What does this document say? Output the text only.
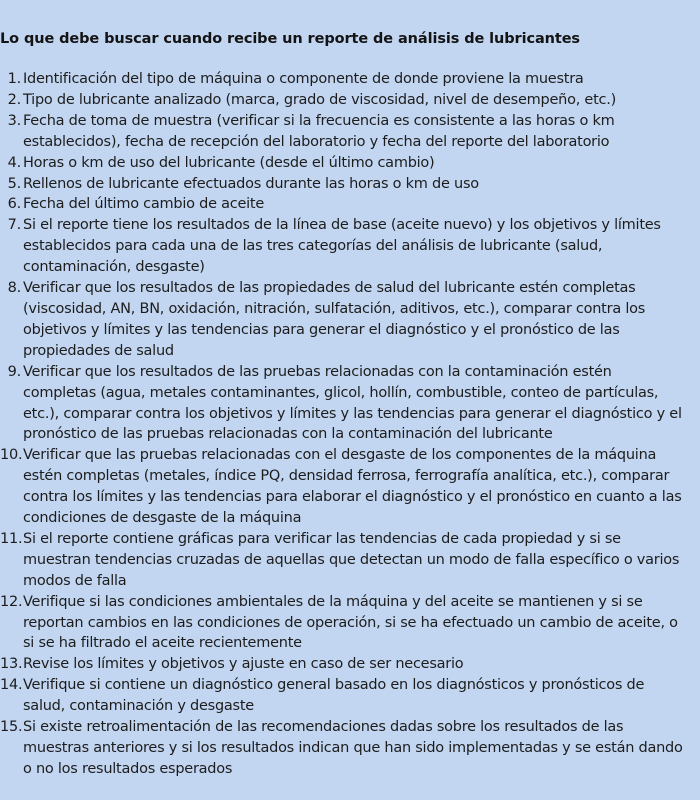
Lo que debe buscar cuando recibe un reporte de análisis de lubricantes
1. Identificación del tipo de máquina o componente de donde proviene la muestra
2. Tipo de lubricante analizado (marca, grado de viscosidad, nivel de desempeño, etc.)
3. Fecha de toma de muestra (verificar si la frecuencia es consistente a las horas o km
establecidos), fecha de recepción del laboratorio y fecha del reporte del laboratorio
4. Horas o km de uso del lubricante (desde el último cambio)
5. Rellenos de lubricante efectuados durante las horas o km de uso
6. Fecha del último cambio de aceite
7. Si el reporte tiene los resultados de la línea de base (aceite nuevo) y los objetivos y límites
establecidos para cada una de las tres categorías del análisis de lubricante (salud,
contaminación, desgaste)
8. Verificar que los resultados de las propiedades de salud del lubricante estén completas
(viscosidad, AN, BN, oxidación, nitración, sulfatación, aditivos, etc.), comparar contra los
objetivos y límites y las tendencias para generar el diagnóstico y el pronóstico de las
propiedades de salud
9. Verificar que los resultados de las pruebas relacionadas con la contaminación estén
completas (agua, metales contaminantes, glicol, hollín, combustible, conteo de partículas,
etc.), comparar contra los objetivos y límites y las tendencias para generar el diagnóstico y el
pronóstico de las pruebas relacionadas con la contaminación del lubricante
10. Verificar que las pruebas relacionadas con el desgaste de los componentes de la máquina
estén completas (metales, índice PQ, densidad ferrosa, ferrografía analítica, etc.), comparar
contra los límites y las tendencias para elaborar el diagnóstico y el pronóstico en cuanto a las
condiciones de desgaste de la máquina
11. Si el reporte contiene gráficas para verificar las tendencias de cada propiedad y si se
muestran tendencias cruzadas de aquellas que detectan un modo de falla específico o varios
modos de falla
12. Verifique si las condiciones ambientales de la máquina y del aceite se mantienen y si se
reportan cambios en las condiciones de operación, si se ha efectuado un cambio de aceite, o
si se ha filtrado el aceite recientemente
13. Revise los límites y objetivos y ajuste en caso de ser necesario
14. Verifique si contiene un diagnóstico general basado en los diagnósticos y pronósticos de
salud, contaminación y desgaste
15. Si existe retroalimentación de las recomendaciones dadas sobre los resultados de las
muestras anteriores y si los resultados indican que han sido implementadas y se están dando
o no los resultados esperados
